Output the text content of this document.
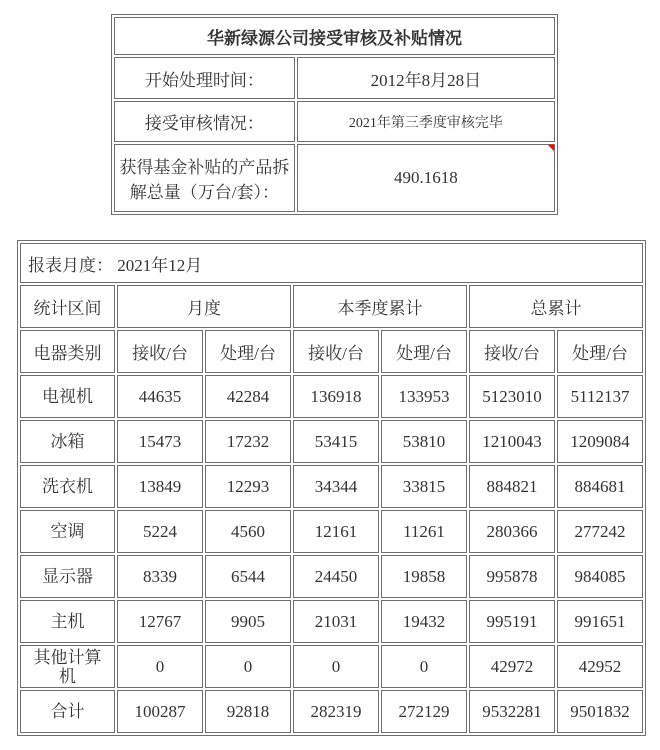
华新绿源公司接受审核及补贴情况	
开始处理时间：	2012年8月28日
接受审核情况：	2021年第三季度审核完毕
获得基金补贴的产品拆解总量（万台/套）：	490.1618
报表月度： 2021年12月						
统计区间	月度		本季度累计		总累计	
电器类别	接收/台	处理/台	接收/台	处理/台	接收/台	处理/台
电视机	44635	42284	136918	133953	5123010	5112137
冰箱	15473	17232	53415	53810	1210043	1209084
洗衣机	13849	12293	34344	33815	884821	884681
空调	5224	4560	12161	11261	280366	277242
显示器	8339	6544	24450	19858	995878	984085
主机	12767	9905	21031	19432	995191	991651
其他计算机	0	0	0	0	42972	42952
合计	100287	92818	282319	272129	9532281	9501832
